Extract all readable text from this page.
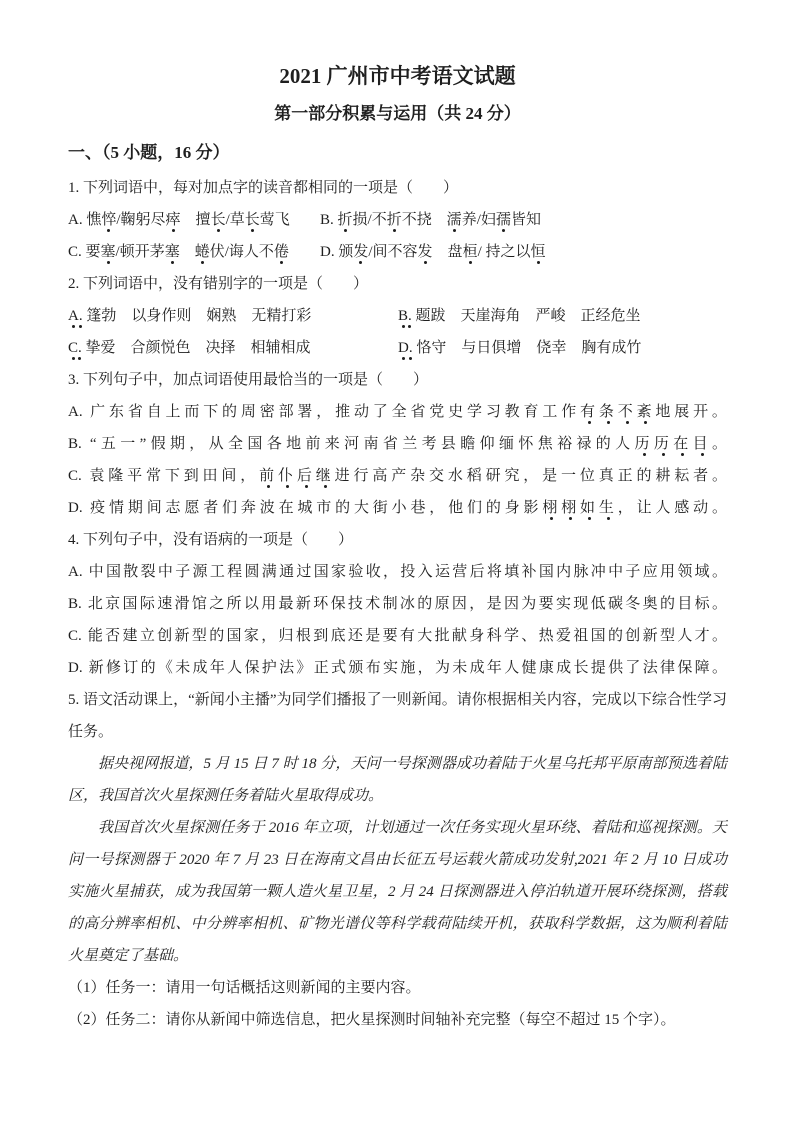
2021 广州市中考语文试题
第一部分积累与运用（共 24 分）
一、（5 小题，16 分）

1. 下列词语中，每对加点字的读音都相同的一项是（　　）

A. 憔悴/鞠躬尽瘁　擅长/草长莺飞	B. 折损/不折不挠　濡养/妇孺皆知
C. 要塞/顿开茅塞　 蜷伏/诲人不倦	D. 颁发/间不容发　盘桓/ 持之以恒

2. 下列词语中，没有错别字的一项是（　　）

A. 篷勃　以身作则　娴熟　无精打彩	B. 题跋　天崖海角　严峻　正经危坐
C. 挚爱　合颜悦色　决择　相辅相成	D. 恪守　与日俱增　侥幸　胸有成竹

3. 下列句子中，加点词语使用最恰当的一项是（　　）

A. 广东省自上而下的周密部署，推动了全省党史学习教育工作有条不紊地展开。

B. “五一”假期，从全国各地前来河南省兰考县瞻仰缅怀焦裕禄的人历历在目。

C. 袁隆平常下到田间，前仆后继进行高产杂交水稻研究，是一位真正的耕耘者。

D. 疫情期间志愿者们奔波在城市的大街小巷，他们的身影栩栩如生，让人感动。

4. 下列句子中，没有语病的一项是（　　）

A. 中国散裂中子源工程圆满通过国家验收，投入运营后将填补国内脉冲中子应用领域。

B. 北京国际速滑馆之所以用最新环保技术制冰的原因，是因为要实现低碳冬奥的目标。

C. 能否建立创新型的国家，归根到底还是要有大批献身科学、热爱祖国的创新型人才。

D. 新修订的《未成年人保护法》正式颁布实施，为未成年人健康成长提供了法律保障。

5. 语文活动课上，“新闻小主播”为同学们播报了一则新闻。请你根据相关内容，完成以下综合性学习任务。

据央视网报道，5 月 15 日 7 时 18 分，天问一号探测器成功着陆于火星乌托邦平原南部预选着陆区，我国首次火星探测任务着陆火星取得成功。

我国首次火星探测任务于 2016 年立项，计划通过一次任务实现火星环绕、着陆和巡视探测。天问一号探测器于 2020 年 7 月 23 日在海南文昌由长征五号运载火箭成功发射,2021 年 2 月 10 日成功实施火星捕获，成为我国第一颗人造火星卫星，2 月 24 日探测器进入停泊轨道开展环绕探测，搭载的高分辨率相机、中分辨率相机、矿物光谱仪等科学载荷陆续开机，获取科学数据，这为顺利着陆火星奠定了基础。

（1）任务一：请用一句话概括这则新闻的主要内容。

（2）任务二：请你从新闻中筛选信息，把火星探测时间轴补充完整（每空不超过 15 个字）。
